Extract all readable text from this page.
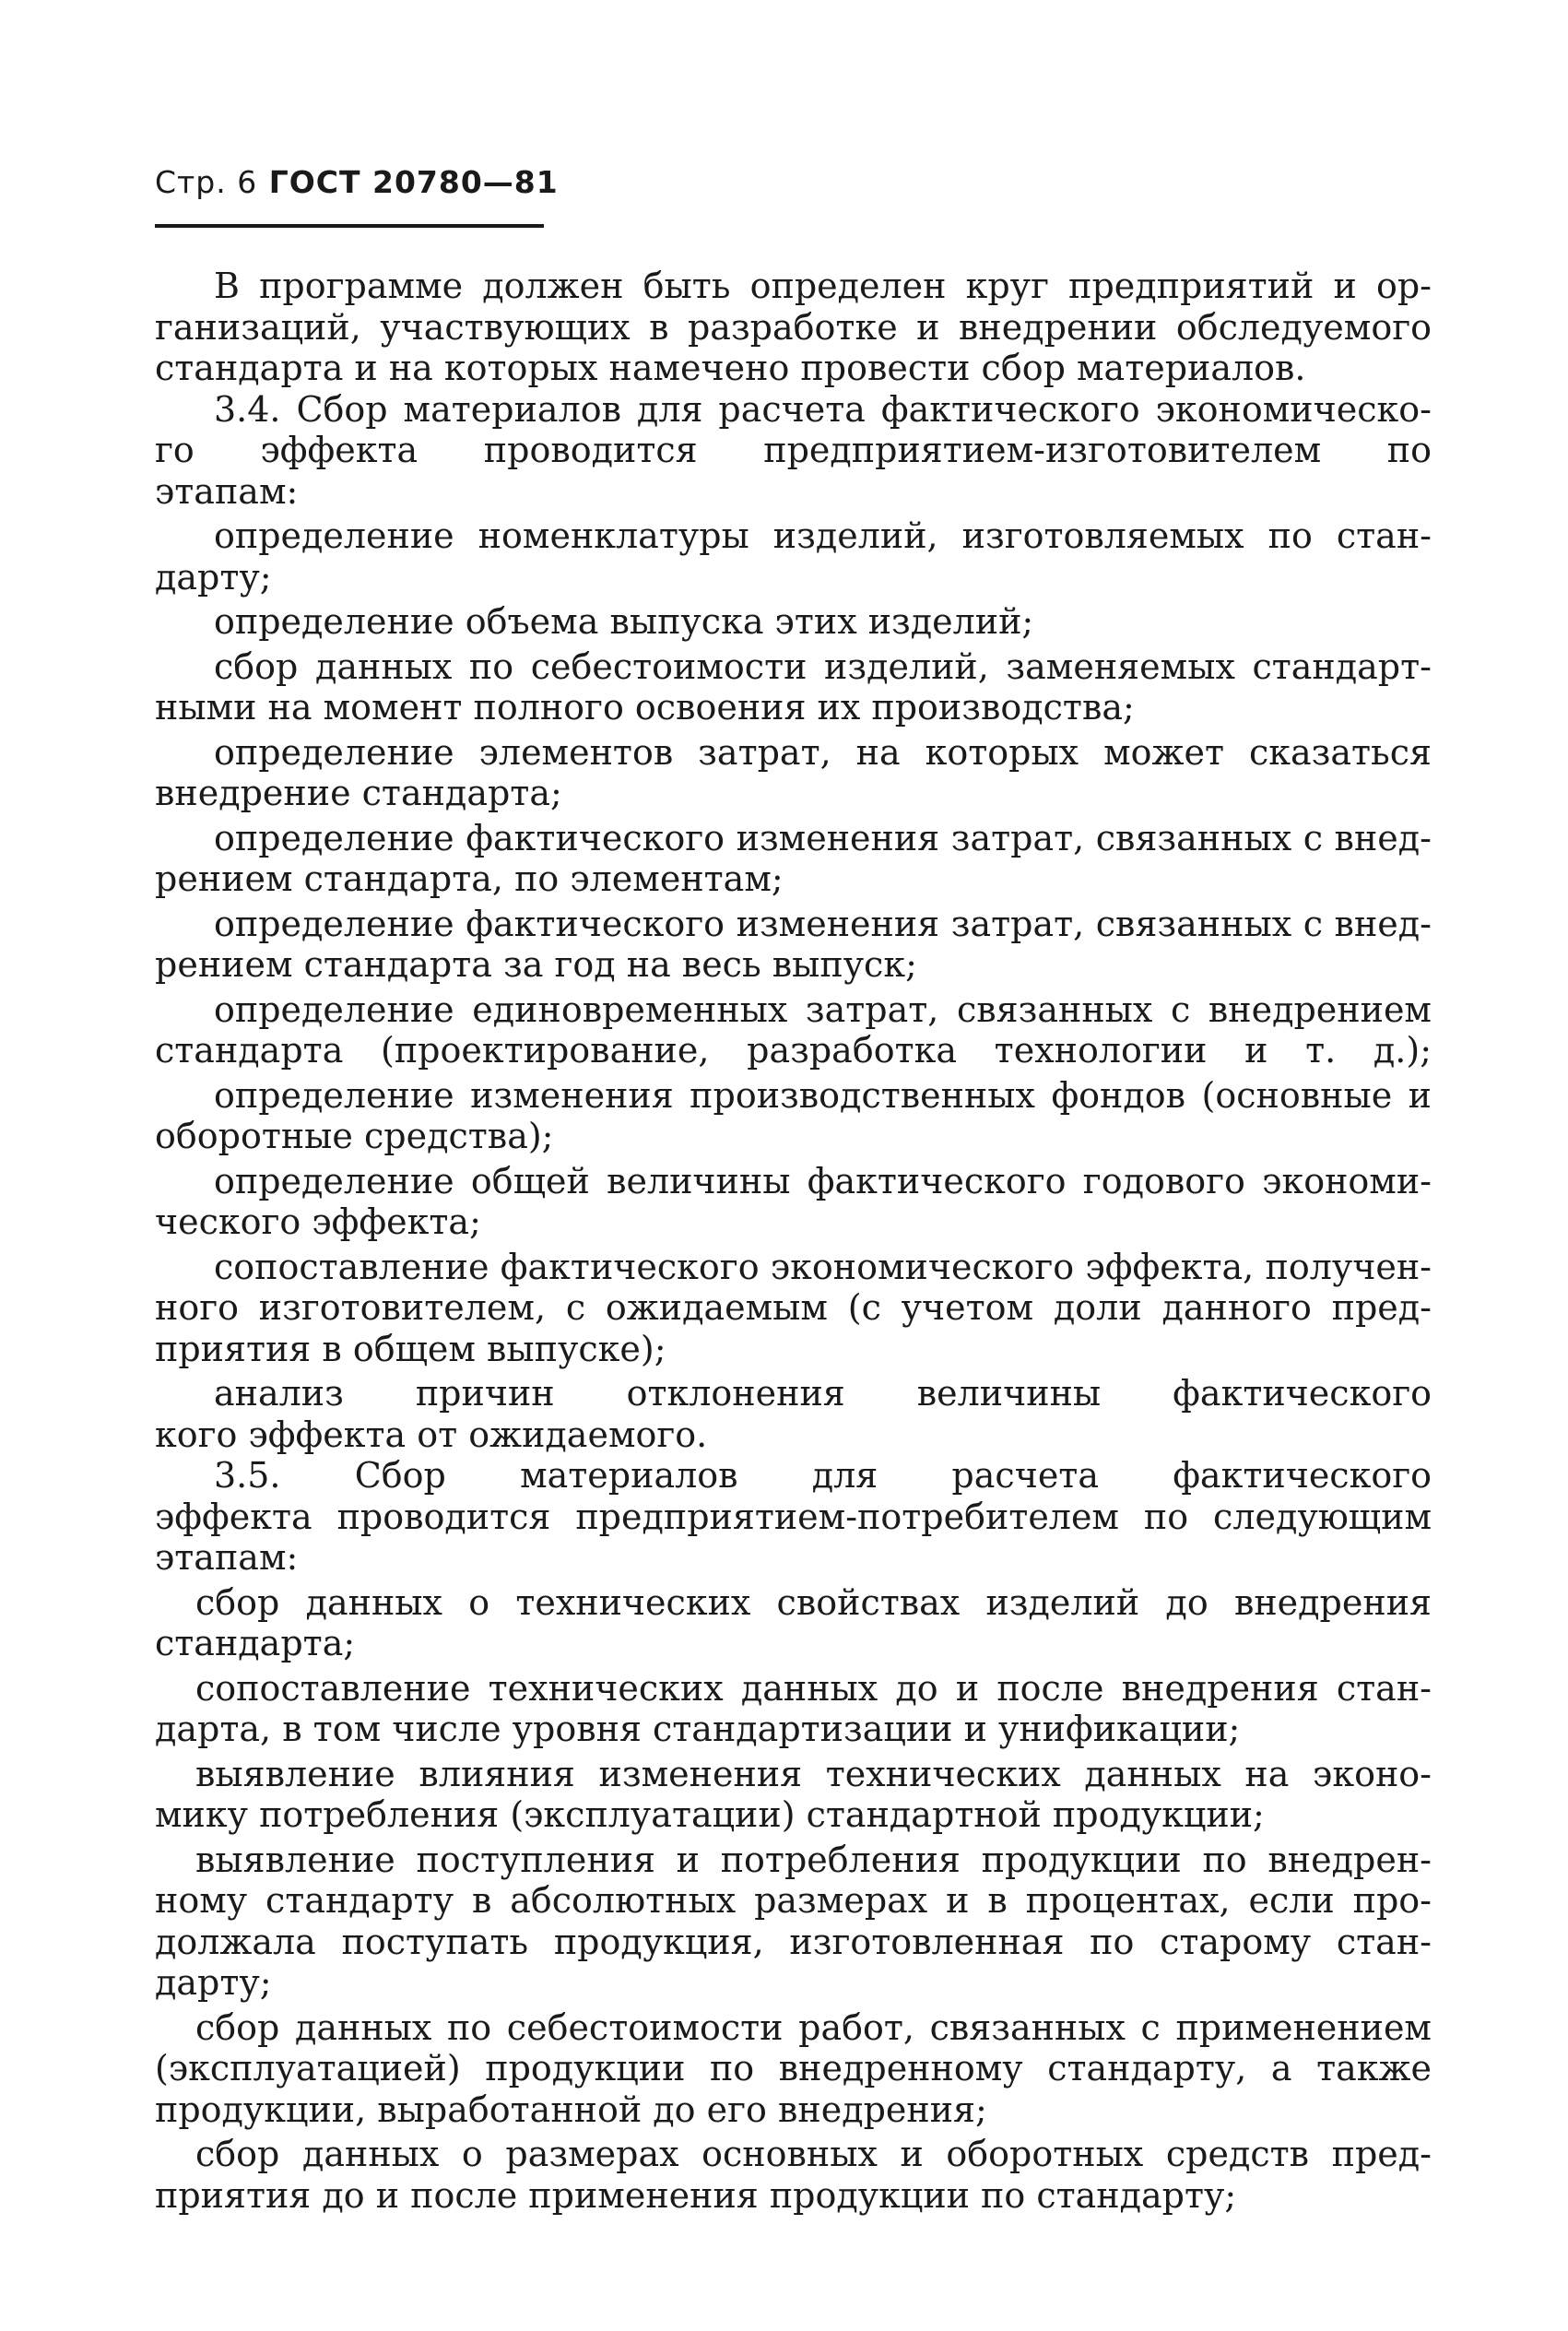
Стр. 6 ГОСТ 20780—81
В программе должен быть определен круг предприятий и ор-
ганизаций, участвующих в разработке и внедрении обследуемого
стандарта и на которых намечено провести сбор материалов.
3.4. Сбор материалов для расчета фактического экономическо-
го эффекта проводится предприятием-изготовителем по
этапам:
определение номенклатуры изделий, изготовляемых по стан-
дарту;
определение объема выпуска этих изделий;
сбор данных по себестоимости изделий, заменяемых стандарт-
ными на момент полного освоения их производства;
определение элементов затрат, на которых может сказаться
внедрение стандарта;
определение фактического изменения затрат, связанных с внед-
рением стандарта, по элементам;
определение фактического изменения затрат, связанных с внед-
рением стандарта за год на весь выпуск;
определение единовременных затрат, связанных с внедрением
стандарта (проектирование, разработка технологии и т. д.);
определение изменения производственных фондов (основные и
оборотные средства);
определение общей величины фактического годового экономи-
ческого эффекта;
сопоставление фактического экономического эффекта, получен-
ного изготовителем, с ожидаемым (с учетом доли данного пред-
приятия в общем выпуске);
анализ причин отклонения величины фактического
кого эффекта от ожидаемого.
3.5. Сбор материалов для расчета фактического
эффекта проводится предприятием-потребителем по следующим
этапам:
сбор данных о технических свойствах изделий до внедрения
стандарта;
сопоставление технических данных до и после внедрения стан-
дарта, в том числе уровня стандартизации и унификации;
выявление влияния изменения технических данных на эконо-
мику потребления (эксплуатации) стандартной продукции;
выявление поступления и потребления продукции по внедрен-
ному стандарту в абсолютных размерах и в процентах, если про-
должала поступать продукция, изготовленная по старому стан-
дарту;
сбор данных по себестоимости работ, связанных с применением
(эксплуатацией) продукции по внедренному стандарту, а также
продукции, выработанной до его внедрения;
сбор данных о размерах основных и оборотных средств пред-
приятия до и после применения продукции по стандарту;
